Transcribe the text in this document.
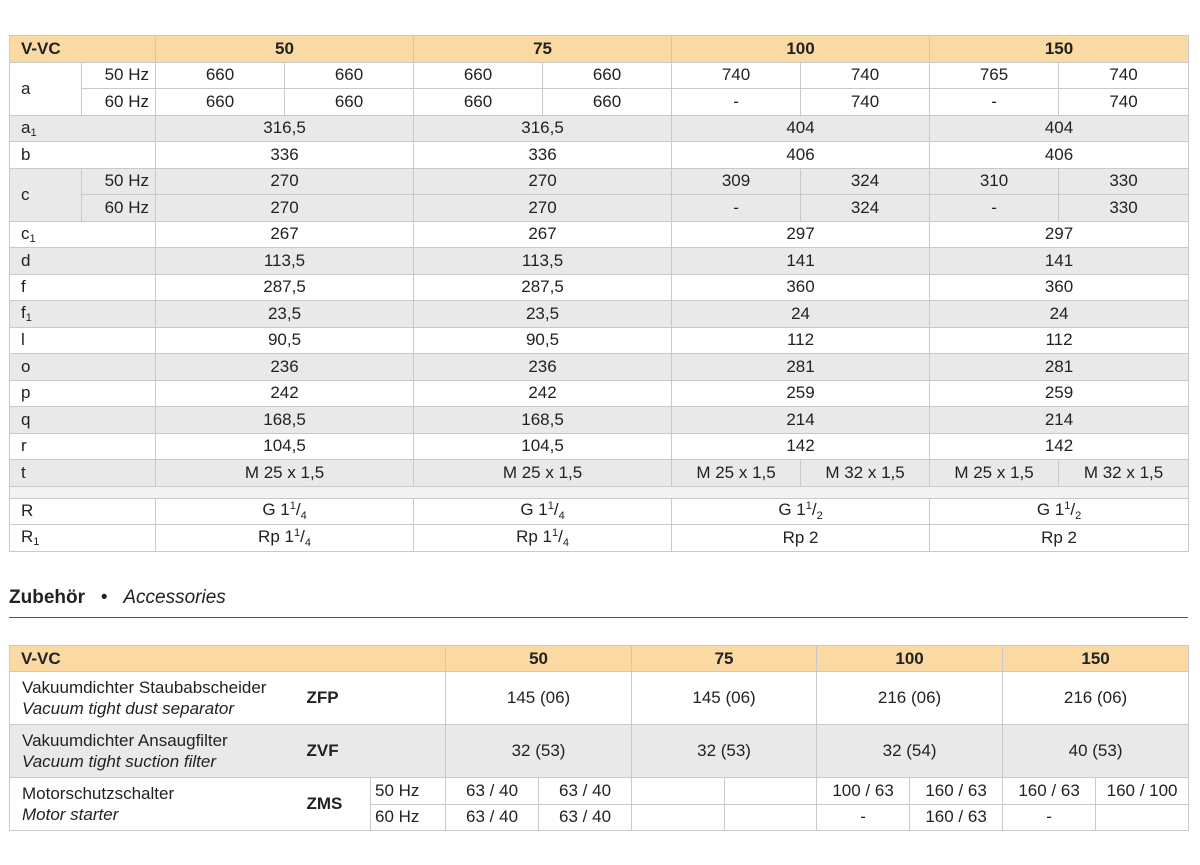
V-VC		50		75		100		150	
a	50 Hz	660	660	660	660	740	740	765	740
	60 Hz	660	660	660	660	-	740	-	740
$a_1$		316,5		316,5		404		404	
b		336		336		406		406	
c	50 Hz	270		270		309	324	310	330
	60 Hz	270		270		-	324	-	330
$c_1$		267		267		297		297	
d		113,5		113,5		141		141	
f		287,5		287,5		360		360	
$f_1$		23,5		23,5		24		24	
l		90,5		90,5		112		112	
o		236		236		281		281	
p		242		242		259		259	
q		168,5		168,5		214		214	
r		104,5		104,5		142		142	
t		M 25 x 1,5		M 25 x 1,5		M 25 x 1,5	M 32 x 1,5	M 25 x 1,5	M 32 x 1,5

R		G $1^1/_4$		G $1^1/_4$		G $1^1/_2$		G $1^1/_2$
$R_1$		Rp $1^1/_4$		Rp $1^1/_4$		Rp 2		Rp 2	
Zubehör • Accessories
V-VC			50		75		100		150	

Vakuumdichter Staubabscheider
Vacuum tight dust separator	ZFP		145 (06)		145 (06)		216 (06)		216 (06)	

Vakuumdichter Ansaugfilter
Vacuum tight suction filter	ZVF		32 (53)		32 (53)		32 (54)		40 (53)	

Motorschutzschalter
Motor starter	ZMS	50 Hz	63 / 40	63 / 40			100 / 63	160 / 63	160 / 63	160 / 100
		60 Hz	63 / 40	63 / 40			-	160 / 63	-	
